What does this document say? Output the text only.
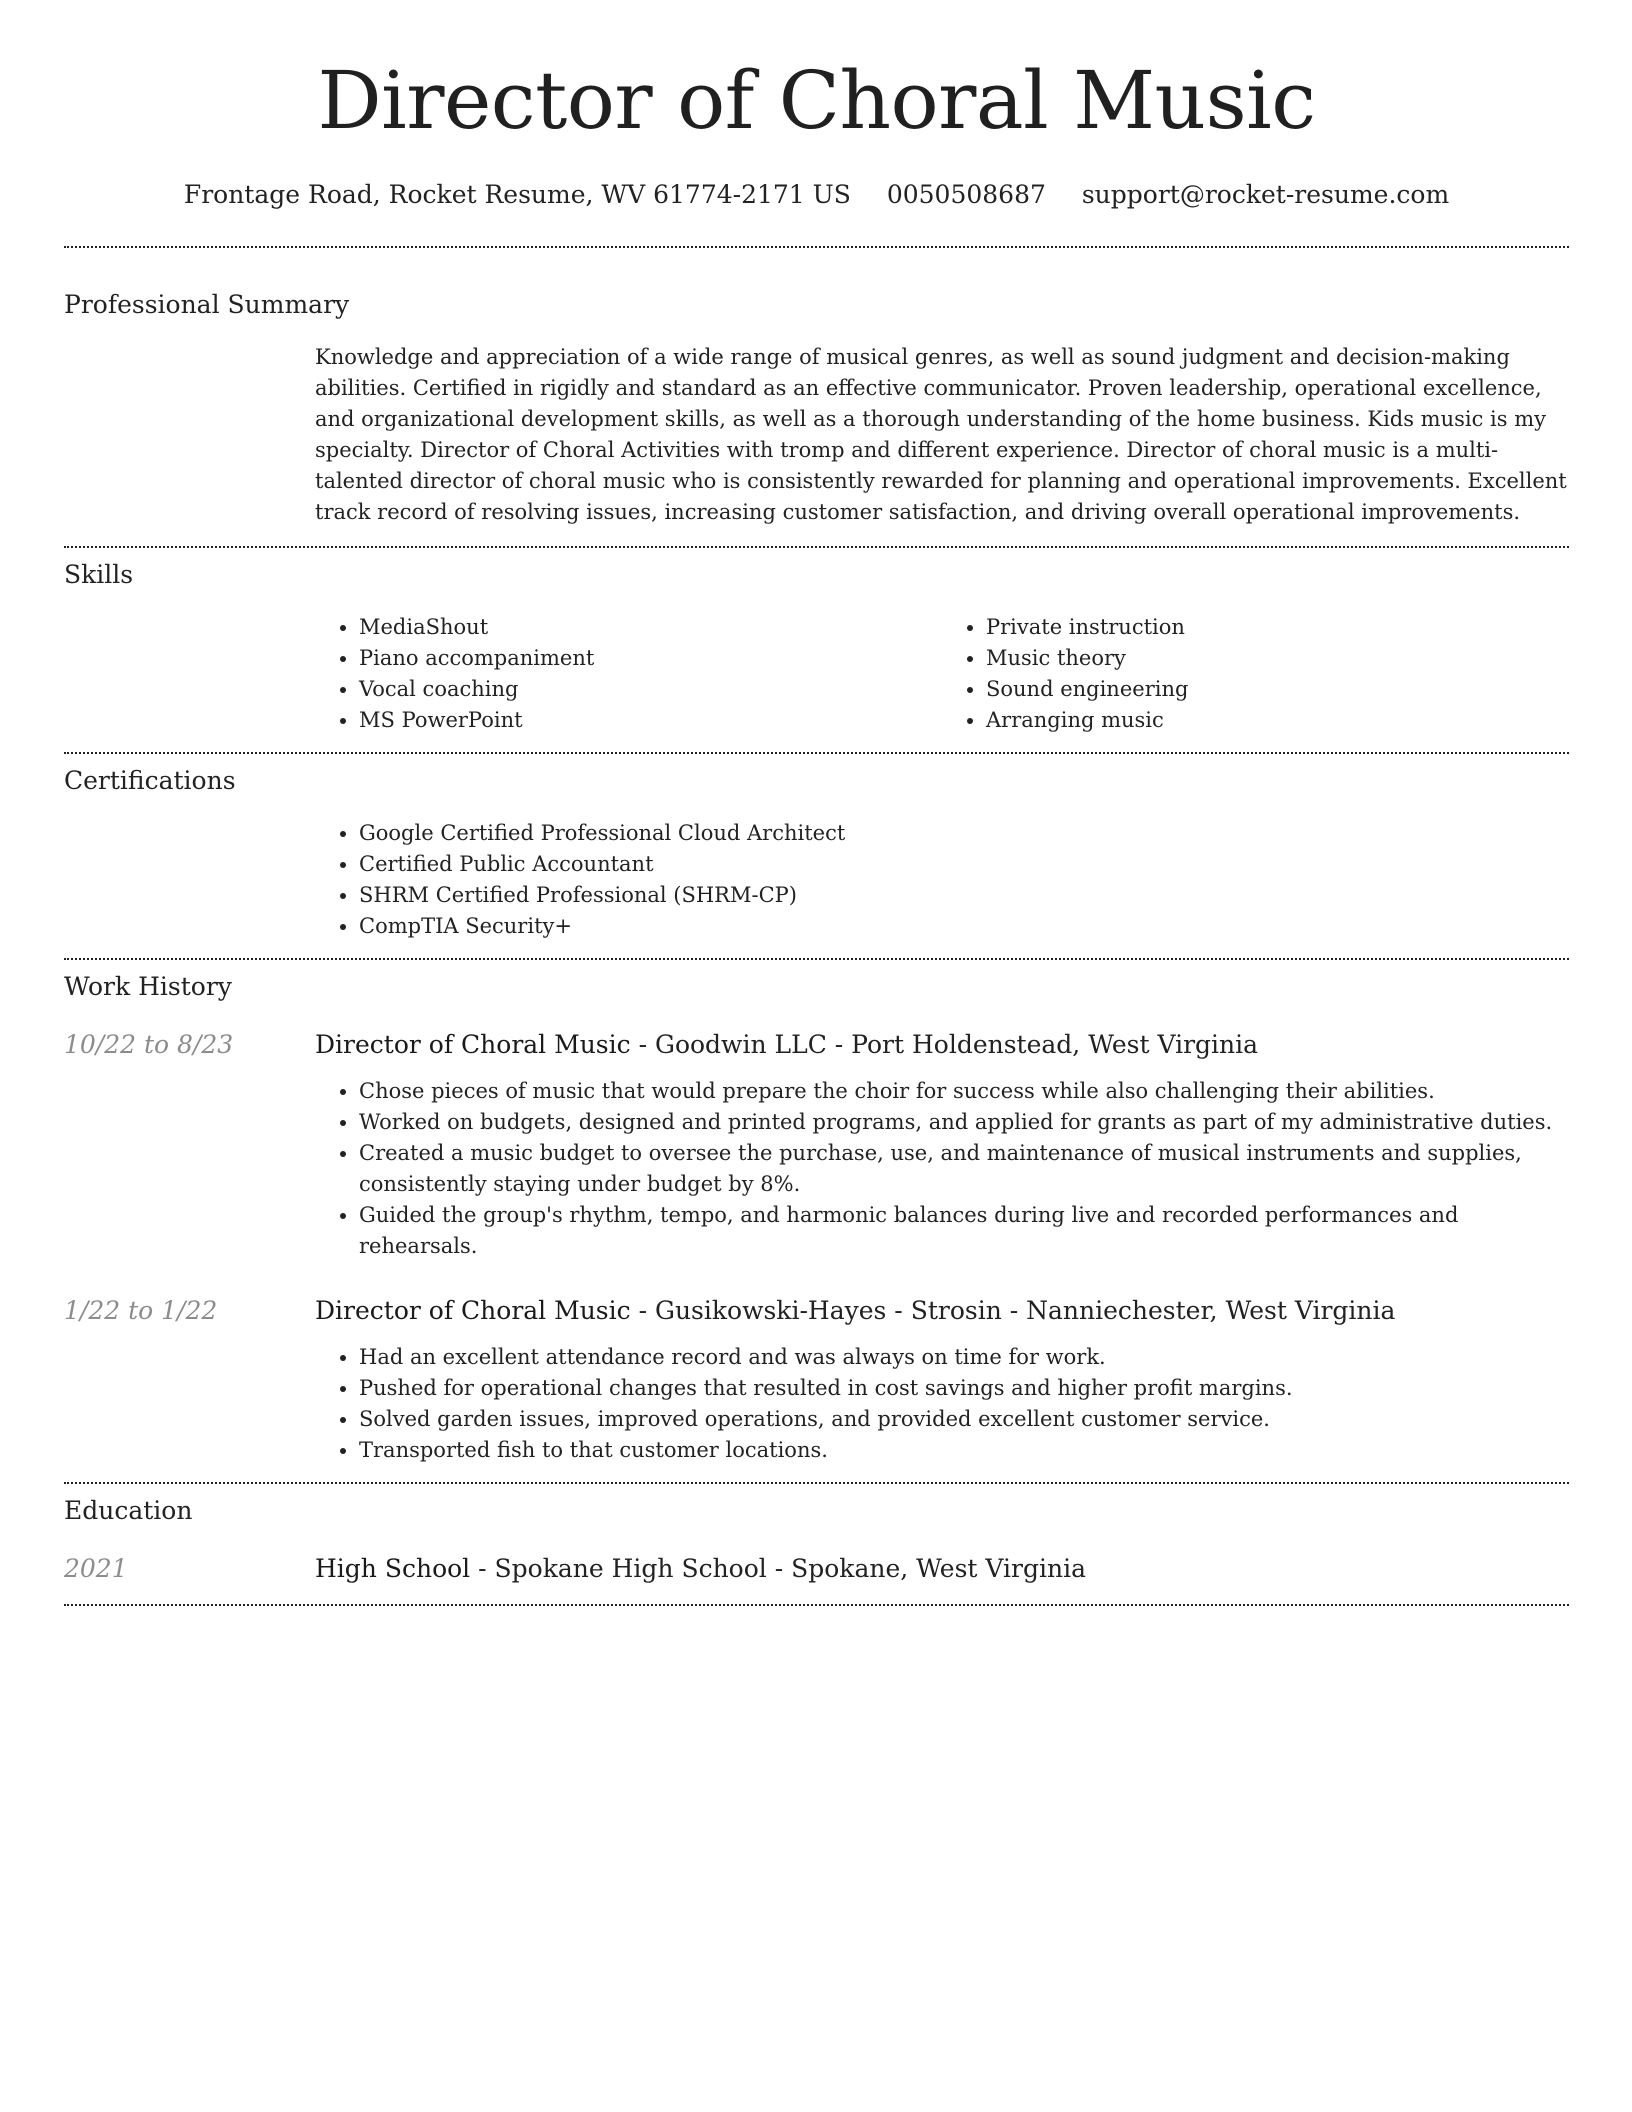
Director of Choral Music
Frontage Road, Rocket Resume, WV 61774-2171 US 0050508687 support@rocket-resume.com
Professional Summary

Knowledge and appreciation of a wide range of musical genres, as well as sound judgment and decision-making abilities. Certified in rigidly and standard as an effective communicator. Proven leadership, operational excellence, and organizational development skills, as well as a thorough understanding of the home business. Kids music is my specialty. Director of Choral Activities with tromp and different experience. Director of choral music is a multi-talented director of choral music who is consistently rewarded for planning and operational improvements. Excellent track record of resolving issues, increasing customer satisfaction, and driving overall operational improvements.

Skills
• MediaShout
• Piano accompaniment
• Vocal coaching
• MS PowerPoint
• Private instruction
• Music theory
• Sound engineering
• Arranging music
Certifications
• Google Certified Professional Cloud Architect
• Certified Public Accountant
• SHRM Certified Professional (SHRM-CP)
• CompTIA Security+
Work History
10/22 to 8/23	Director of Choral Music - Goodwin LLC - Port Holdenstead, West Virginia
• Chose pieces of music that would prepare the choir for success while also challenging their abilities.
• Worked on budgets, designed and printed programs, and applied for grants as part of my administrative duties.
• Created a music budget to oversee the purchase, use, and maintenance of musical instruments and supplies, consistently staying under budget by 8%.
• Guided the group's rhythm, tempo, and harmonic balances during live and recorded performances and rehearsals.
1/22 to 1/22	Director of Choral Music - Gusikowski-Hayes - Strosin - Nanniechester, West Virginia
• Had an excellent attendance record and was always on time for work.
• Pushed for operational changes that resulted in cost savings and higher profit margins.
• Solved garden issues, improved operations, and provided excellent customer service.
• Transported fish to that customer locations.
Education
2021	High School - Spokane High School - Spokane, West Virginia
